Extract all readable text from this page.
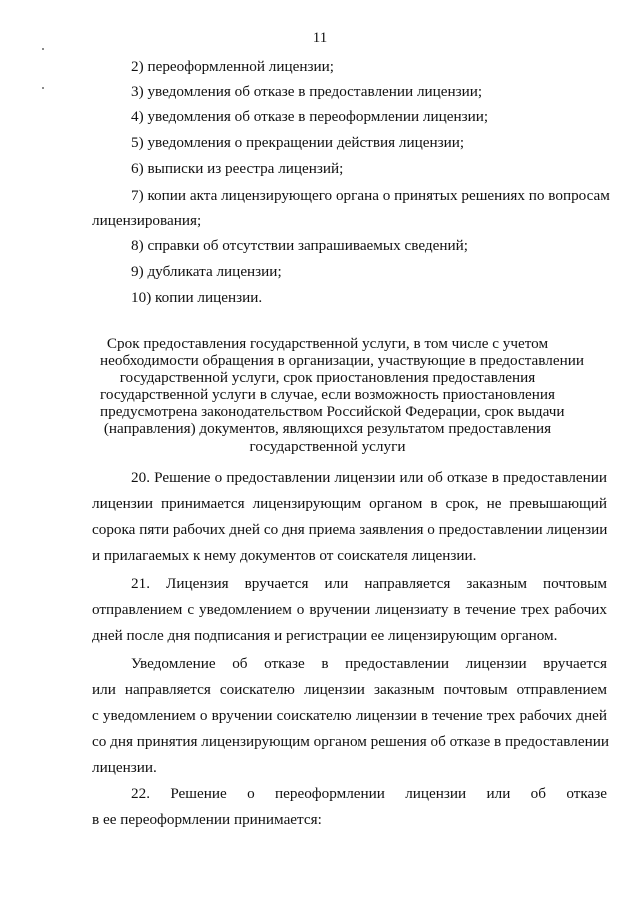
11
2) переоформленной лицензии;
3) уведомления об отказе в предоставлении лицензии;
4) уведомления об отказе в переоформлении лицензии;
5) уведомления о прекращении действия лицензии;
6) выписки из реестра лицензий;
7) копии акта лицензирующего органа о принятых решениях по вопросам
лицензирования;
8) справки об отсутствии запрашиваемых сведений;
9) дубликата лицензии;
10) копии лицензии.
Срок предоставления государственной услуги, в том числе с учетом
необходимости обращения в организации, участвующие в предоставлении
государственной услуги, срок приостановления предоставления
государственной услуги в случае, если возможность приостановления
предусмотрена законодательством Российской Федерации, срок выдачи
(направления) документов, являющихся результатом предоставления
государственной услуги
20. Решение о предоставлении лицензии или об отказе в предоставлении
лицензии принимается лицензирующим органом в срок, не превышающий
сорока пяти рабочих дней со дня приема заявления о предоставлении лицензии
и прилагаемых к нему документов от соискателя лицензии.
21. Лицензия вручается или направляется заказным почтовым
отправлением с уведомлением о вручении лицензиату в течение трех рабочих
дней после дня подписания и регистрации ее лицензирующим органом.
Уведомление об отказе в предоставлении лицензии вручается
или направляется соискателю лицензии заказным почтовым отправлением
с уведомлением о вручении соискателю лицензии в течение трех рабочих дней
со дня принятия лицензирующим органом решения об отказе в предоставлении
лицензии.
22. Решение о переоформлении лицензии или об отказе
в ее переоформлении принимается:
